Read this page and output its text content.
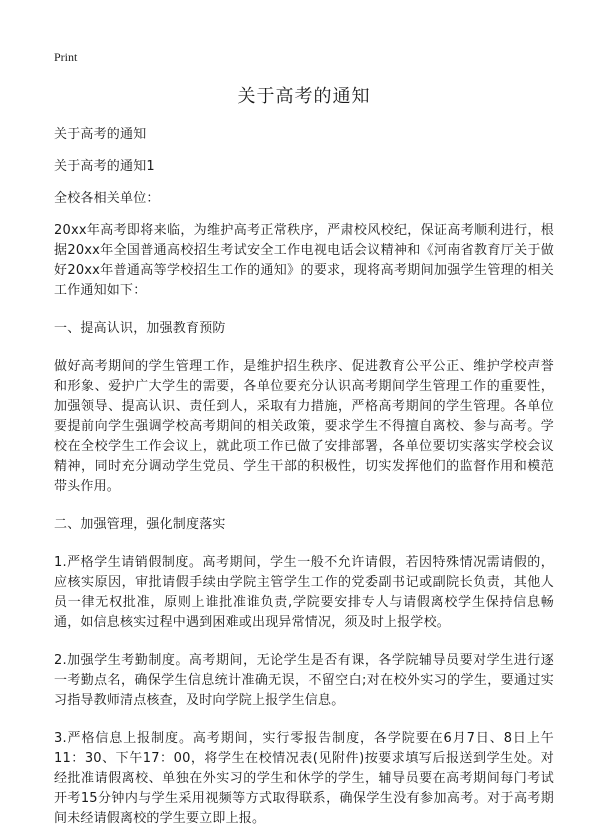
Print
关于高考的通知

关于高考的通知

关于高考的通知1

全校各相关单位：

20xx年高考即将来临，为维护高考正常秩序，严肃校风校纪，保证高考顺利进行，根据20xx年全国普通高校招生考试安全工作电视电话会议精神和《河南省教育厅关于做好20xx年普通高等学校招生工作的通知》的要求，现将高考期间加强学生管理的相关工作通知如下：

一、提高认识，加强教育预防

做好高考期间的学生管理工作，是维护招生秩序、促进教育公平公正、维护学校声誉和形象、爱护广大学生的需要，各单位要充分认识高考期间学生管理工作的重要性，加强领导、提高认识、责任到人，采取有力措施，严格高考期间的学生管理。各单位要提前向学生强调学校高考期间的相关政策，要求学生不得擅自离校、参与高考。学校在全校学生工作会议上，就此项工作已做了安排部署，各单位要切实落实学校会议精神，同时充分调动学生党员、学生干部的积极性，切实发挥他们的监督作用和模范带头作用。

二、加强管理，强化制度落实

1.严格学生请销假制度。高考期间，学生一般不允许请假，若因特殊情况需请假的，应核实原因，审批请假手续由学院主管学生工作的党委副书记或副院长负责，其他人员一律无权批准，原则上谁批准谁负责,学院要安排专人与请假离校学生保持信息畅通，如信息核实过程中遇到困难或出现异常情况，须及时上报学校。

2.加强学生考勤制度。高考期间，无论学生是否有课，各学院辅导员要对学生进行逐一考勤点名，确保学生信息统计准确无误，不留空白;对在校外实习的学生，要通过实习指导教师清点核查，及时向学院上报学生信息。

3.严格信息上报制度。高考期间，实行零报告制度，各学院要在6月7日、8日上午11：30、下午17：00，将学生在校情况表(见附件)按要求填写后报送到学生处。对经批准请假离校、单独在外实习的学生和休学的学生，辅导员要在高考期间每门考试开考15分钟内与学生采用视频等方式取得联系，确保学生没有参加高考。对于高考期间未经请假离校的学生要立即上报。
